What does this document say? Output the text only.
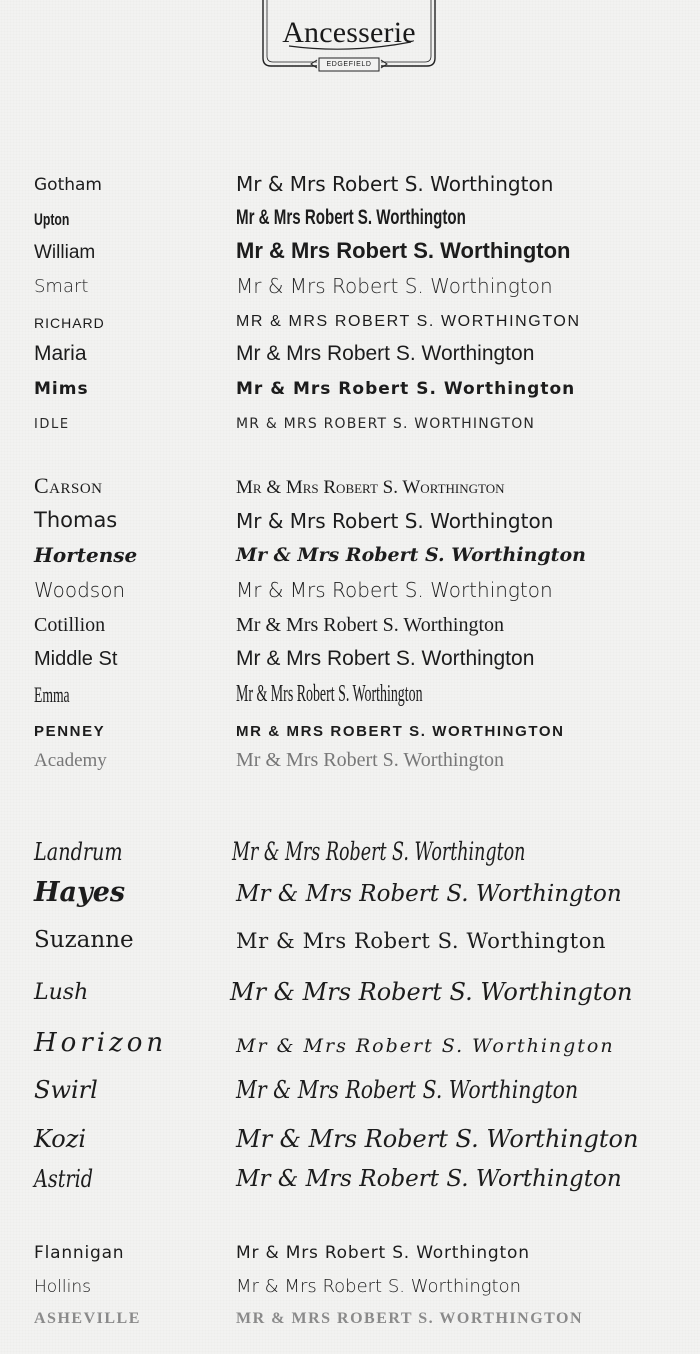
Ancesserie
EDGEFIELD
Gotham	Mr & Mrs Robert S. Worthington
Upton	Mr & Mrs Robert S. Worthington
William	Mr & Mrs Robert S. Worthington
Smart	Mr & Mrs Robert S. Worthington
RICHARD	MR & MRS ROBERT S. WORTHINGTON
Maria	Mr & Mrs Robert S. Worthington
Mims	Mr & Mrs Robert S. Worthington
IDLE	MR & MRS ROBERT S. WORTHINGTON
Carson	Mr & Mrs Robert S. Worthington
Thomas	Mr & Mrs Robert S. Worthington
Hortense	Mr & Mrs Robert S. Worthington
Woodson	Mr & Mrs Robert S. Worthington
Cotillion	Mr & Mrs Robert S. Worthington
Middle St	Mr & Mrs Robert S. Worthington
Emma	Mr & Mrs Robert S. Worthington
PENNEY	MR & MRS ROBERT S. WORTHINGTON
Academy	Mr & Mrs Robert S. Worthington
Landrum	Mr & Mrs Robert S. Worthington
Hayes	Mr & Mrs Robert S. Worthington
Suzanne	Mr & Mrs Robert S. Worthington
Lush	Mr & Mrs Robert S. Worthington
Horizon	Mr & Mrs Robert S. Worthington
Swirl	Mr & Mrs Robert S. Worthington
Kozi	Mr & Mrs Robert S. Worthington
Astrid	Mr & Mrs Robert S. Worthington
Flannigan	Mr & Mrs Robert S. Worthington
Hollins	Mr & Mrs Robert S. Worthington
ASHEVILLE	MR & MRS ROBERT S. WORTHINGTON
